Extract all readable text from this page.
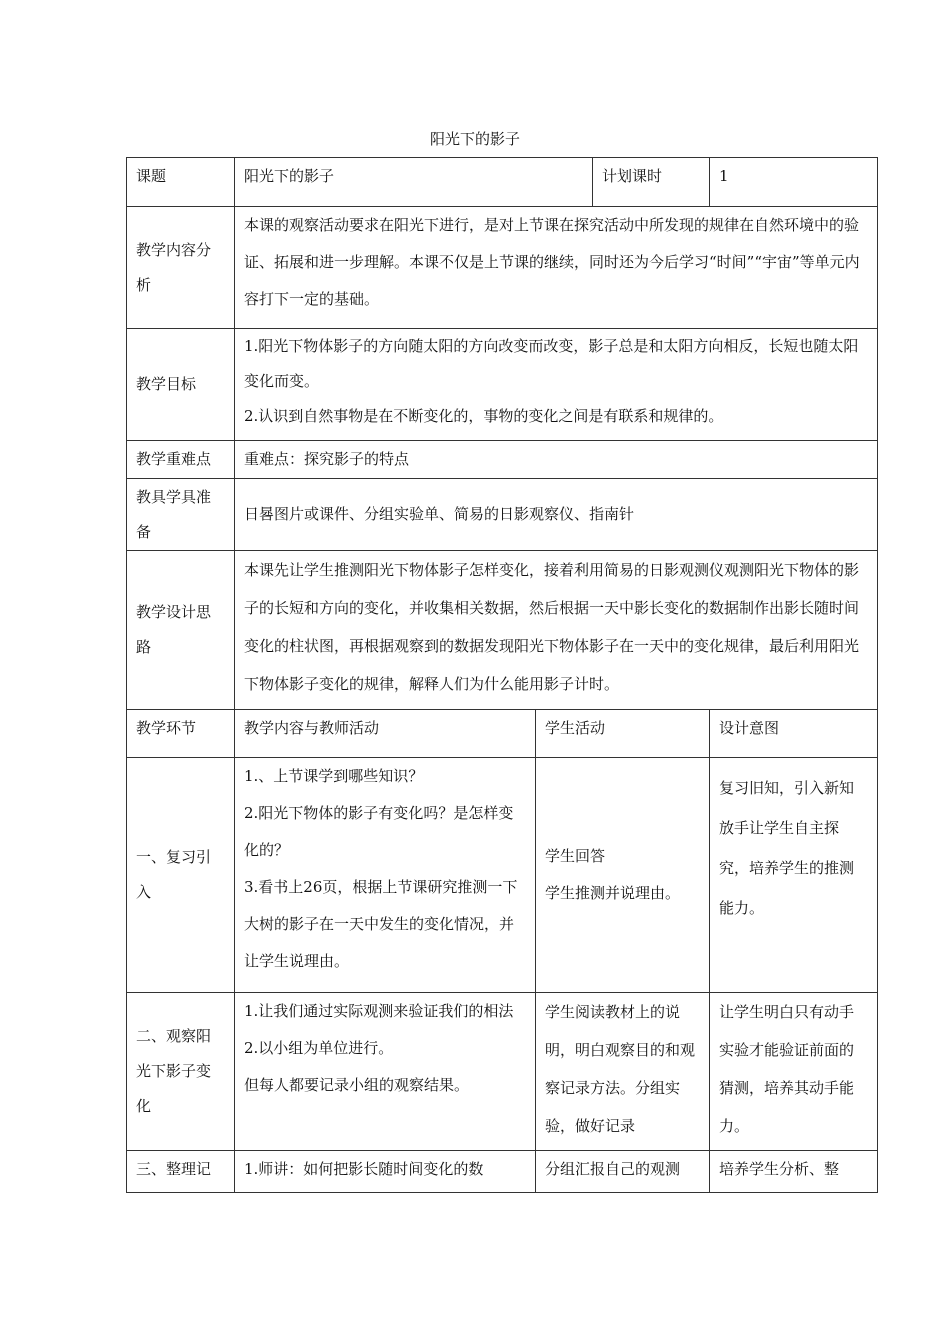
阳光下的影子
课题	阳光下的影子		计划课时	1
教学内容分析	本课的观察活动要求在阳光下进行，是对上节课在探究活动中所发现的规律在自然环境中的验证、拓展和进一步理解。本课不仅是上节课的继续，同时还为今后学习“时间”“宇宙”等单元内容打下一定的基础。			
教学目标	1.阳光下物体影子的方向随太阳的方向改变而改变，影子总是和太阳方向相反，长短也随太阳变化而变。
2.认识到自然事物是在不断变化的，事物的变化之间是有联系和规律的。			

教学重难点	重难点：探究影子的特点			
教具学具准备	日晷图片或课件、分组实验单、简易的日影观察仪、指南针			
教学设计思路	本课先让学生推测阳光下物体影子怎样变化，接着利用简易的日影观测仪观测阳光下物体的影子的长短和方向的变化，并收集相关数据，然后根据一天中影长变化的数据制作出影长随时间变化的柱状图，再根据观察到的数据发现阳光下物体影子在一天中的变化规律，最后利用阳光下物体影子变化的规律，解释人们为什么能用影子计时。			
教学环节	教学内容与教师活动	学生活动		设计意图
一、复习引入	1.、上节课学到哪些知识？
2.阳光下物体的影子有变化吗？是怎样变化的？
3.看书上26页，根据上节课研究推测一下大树的影子在一天中发生的变化情况，并让学生说理由。	学生回答
学生推测并说理由。		复习旧知，引入新知
放手让学生自主探究，培养学生的推测能力。

二、观察阳光下影子变化	1.让我们通过实际观测来验证我们的相法
2.以小组为单位进行。
但每人都要记录小组的观察结果。	学生阅读教材上的说明，明白观察目的和观察记录方法。分组实验，做好记录		让学生明白只有动手实验才能验证前面的猜测，培养其动手能力。

三、整理记	1.师讲：如何把影长随时间变化的数	分组汇报自己的观测		培养学生分析、整
